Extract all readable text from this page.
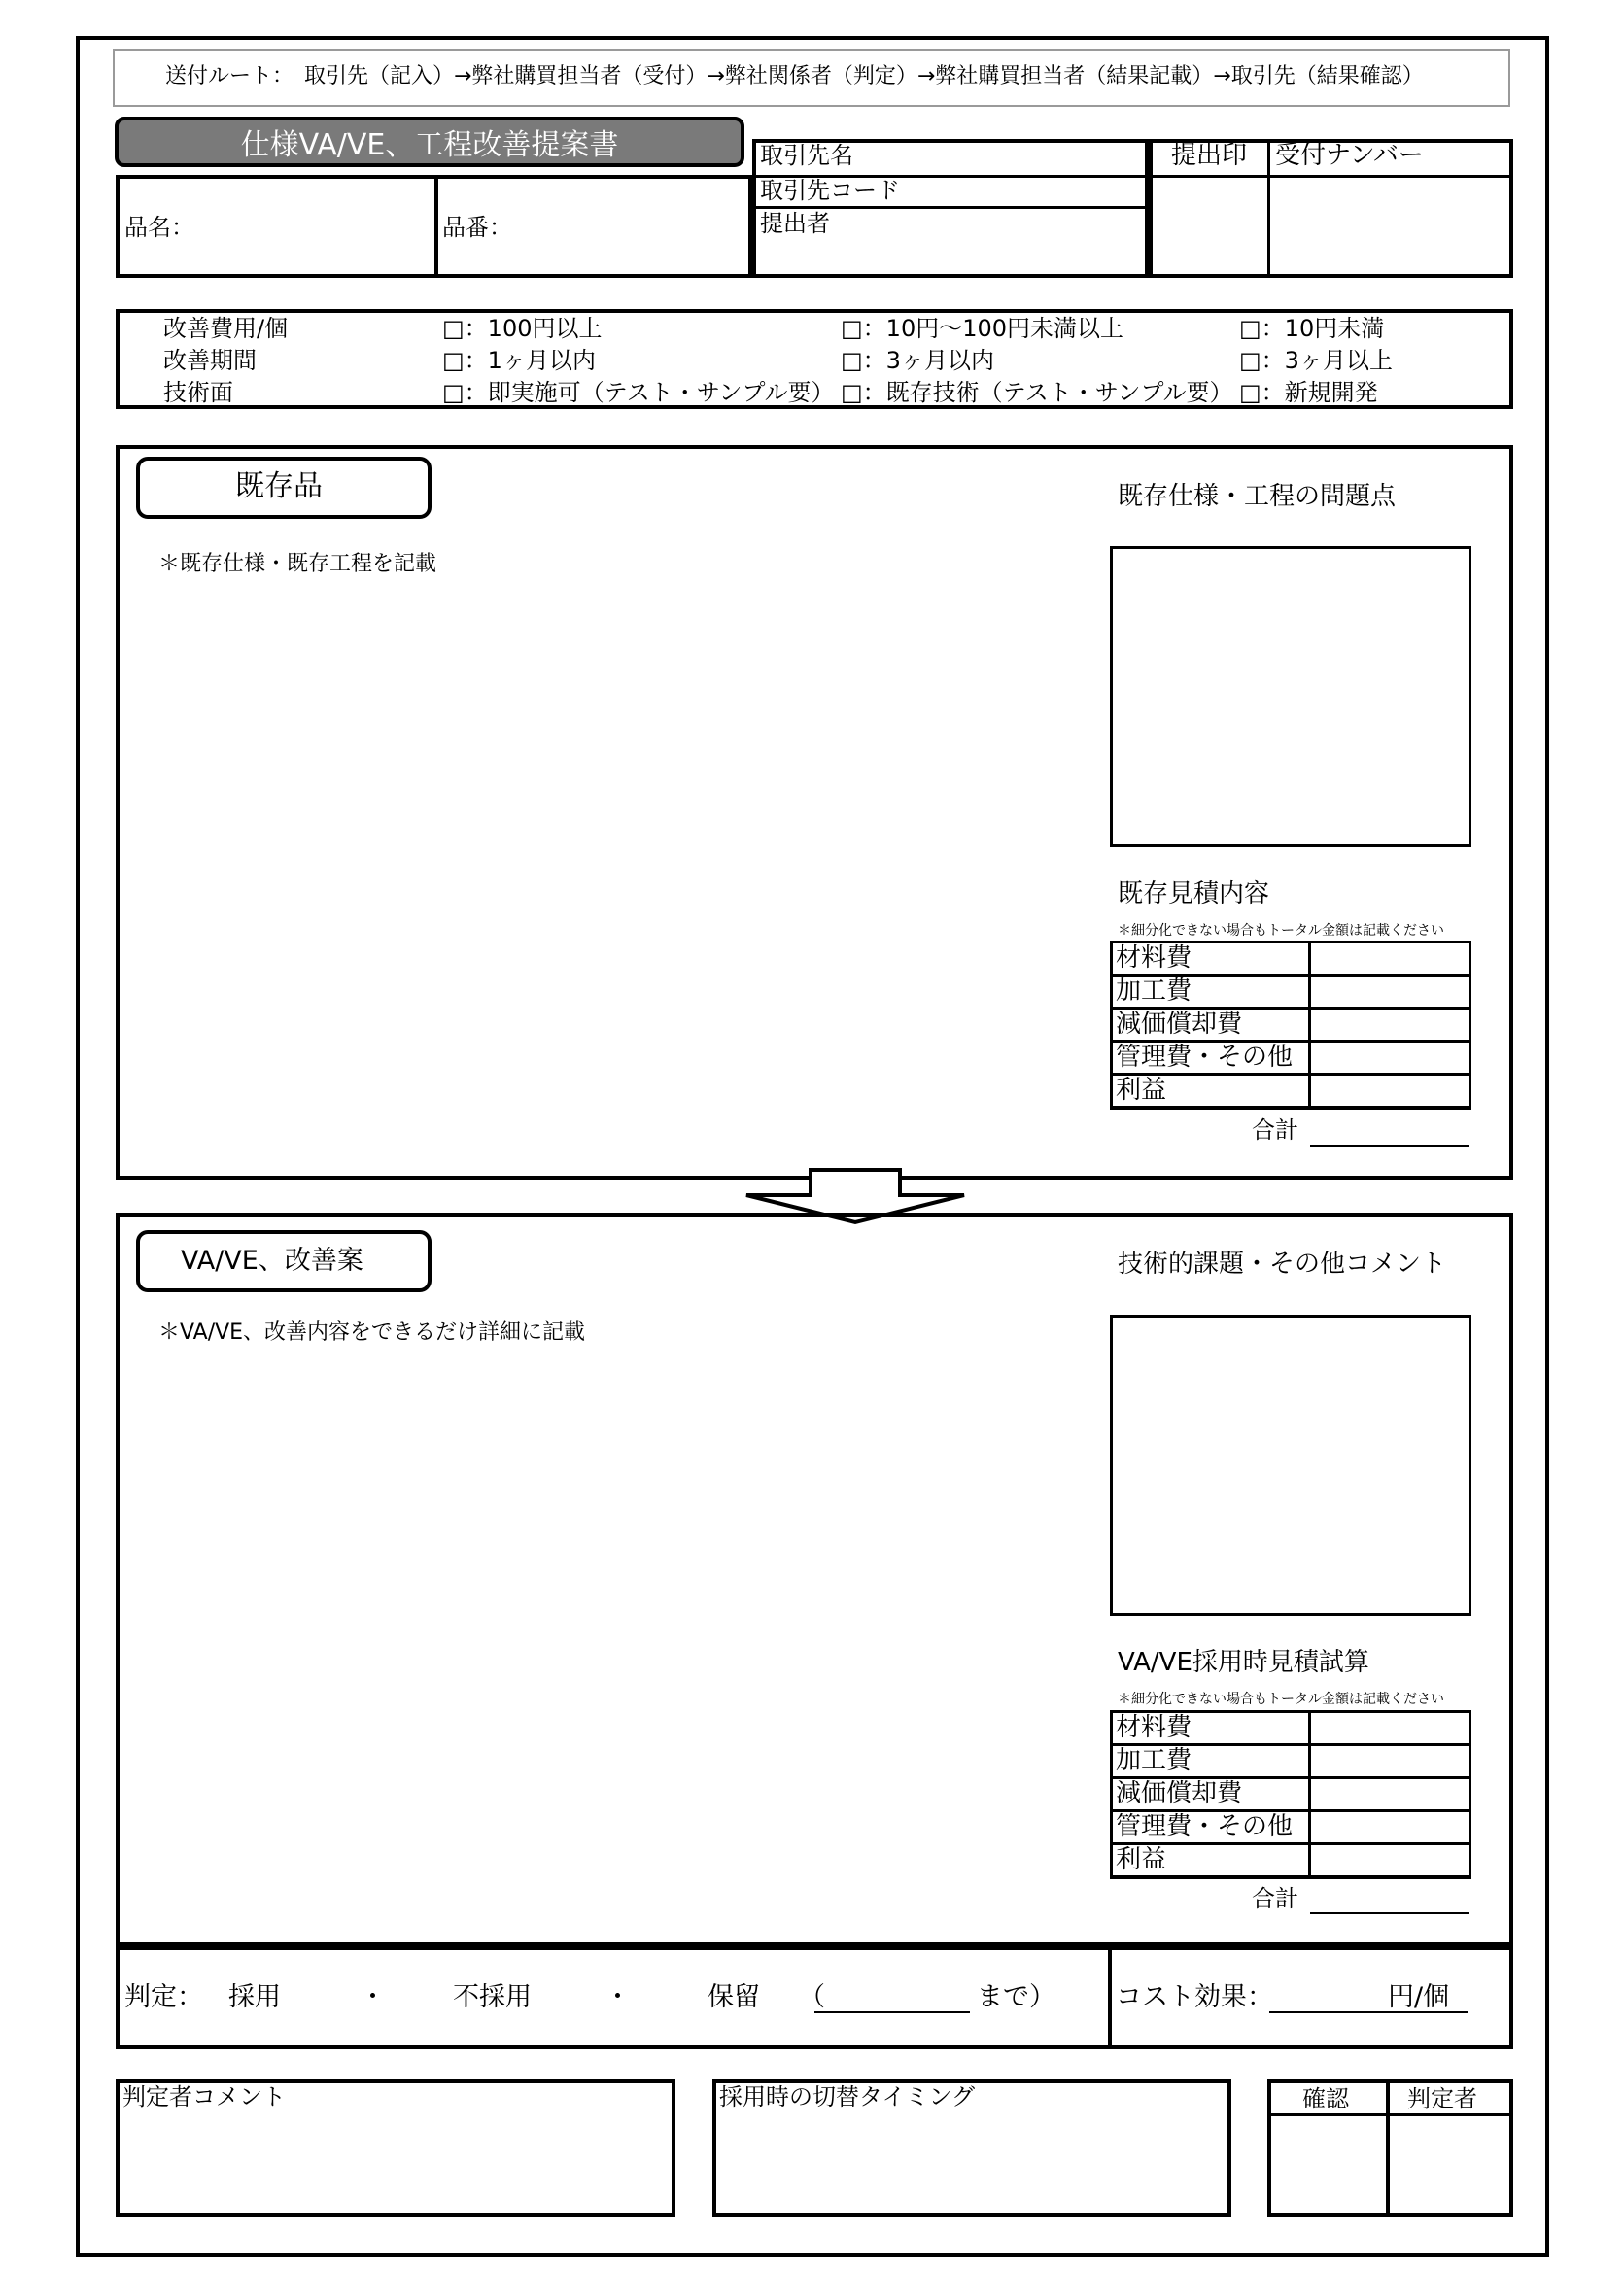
送付ルート：　取引先（記入）→弊社購買担当者（受付）→弊社関係者（判定）→弊社購買担当者（結果記載）→取引先（結果確認）
仕様VA/VE、工程改善提案書
品名：	品番：
取引先名
取引先コード
提出者
提出印 受付ナンバー
改善費用/個	□：100円以上	□：10円～100円未満以上	□：10円未満
改善期間	□：1ヶ月以内	□：3ヶ月以内	□：3ヶ月以上
技術面	□：即実施可（テスト・サンプル要） □：既存技術（テスト・サンプル要） □：新規開発
既存品
＊既存仕様・既存工程を記載
既存仕様・工程の問題点
既存見積内容
＊細分化できない場合もトータル金額は記載ください
材料費
加工費
減価償却費
管理費・その他
利益
合計
VA/VE、改善案
＊VA/VE、改善内容をできるだけ詳細に記載
技術的課題・その他コメント
VA/VE採用時見積試算
＊細分化できない場合もトータル金額は記載ください
材料費
加工費
減価償却費
管理費・その他
利益
合計
判定： 採用	・	不採用	・	保留 （	まで） コスト効果：	円/個
判定者コメント	採用時の切替タイミング	確認	判定者
